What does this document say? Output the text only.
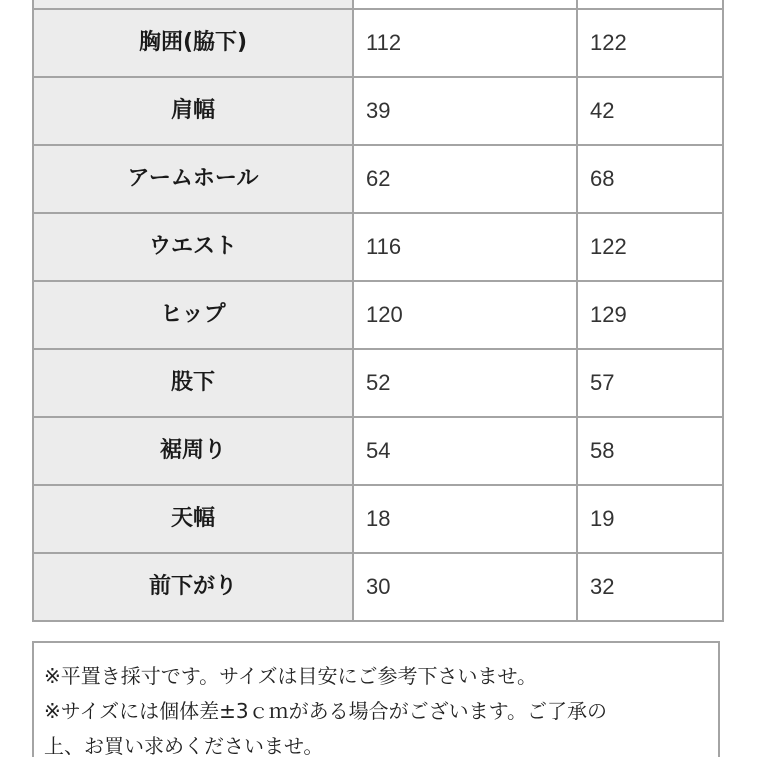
胸囲(脇下)	112	122
肩幅	39	42
アームホール	62	68
ウエスト	116	122
ヒップ	120	129
股下	52	57
裾周り	54	58
天幅	18	19
前下がり	30	32
※平置き採寸です。サイズは目安にご参考下さいませ。
※サイズには個体差±3ｃｍがある場合がございます。ご了承の
上、お買い求めくださいませ。
